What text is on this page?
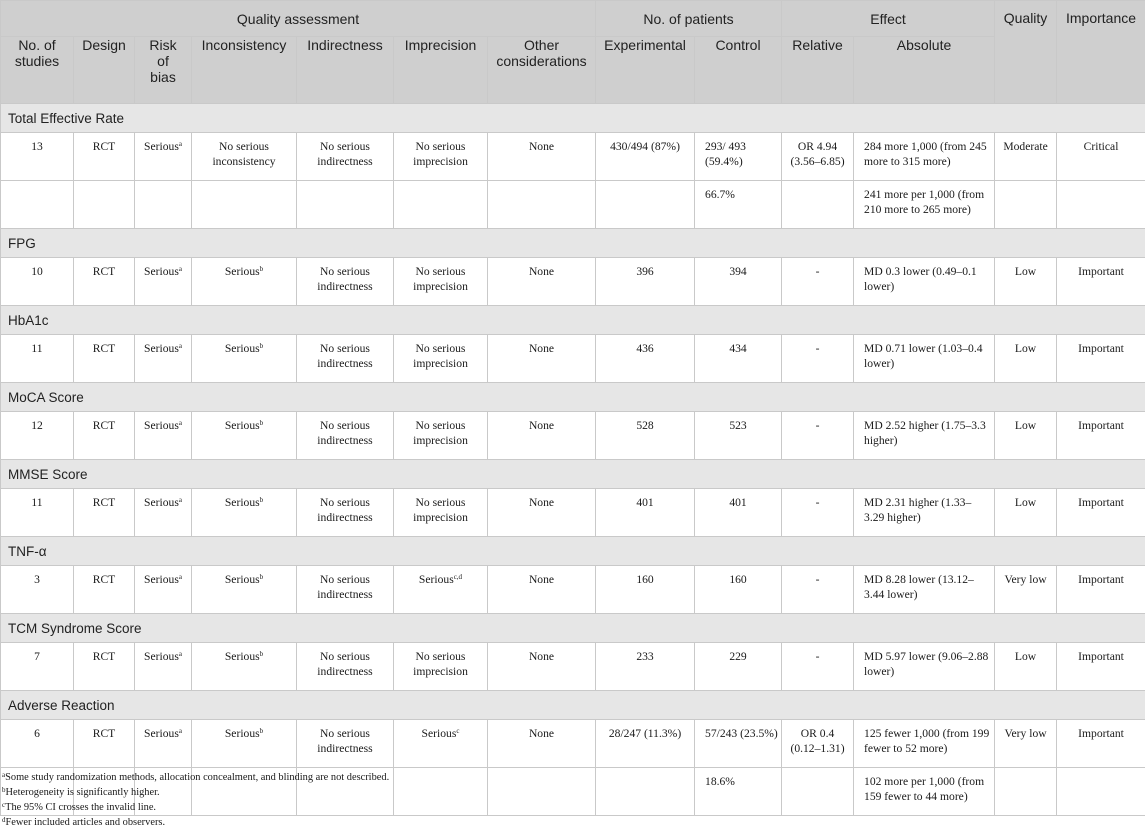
Quality assessment							No. of patients		Effect		Quality	Importance
No. of studies	Design	Risk of bias	Inconsistency	Indirectness	Imprecision	Other considerations	Experimental	Control	Relative	Absolute		
Total Effective Rate												
13	RCT	Serious$^a$	No serious inconsistency	No serious indirectness	No serious imprecision	None	430/494 (87%)	293/ 493 (59.4%)	OR 4.94 (3.56–6.85)	284 more 1,000 (from 245 more to 315 more)	Moderate	Critical
								66.7%		241 more per 1,000 (from 210 more to 265 more)		
FPG												
10	RCT	Serious$^a$	Serious$^b$	No serious indirectness	No serious imprecision	None	396	394	-	MD 0.3 lower (0.49–0.1 lower)	Low	Important
HbA1c												
11	RCT	Serious$^a$	Serious$^b$	No serious indirectness	No serious imprecision	None	436	434	-	MD 0.71 lower (1.03–0.4 lower)	Low	Important
MoCA Score												
12	RCT	Serious$^a$	Serious$^b$	No serious indirectness	No serious imprecision	None	528	523	-	MD 2.52 higher (1.75–3.3 higher)	Low	Important
MMSE Score												
11	RCT	Serious$^a$	Serious$^b$	No serious indirectness	No serious imprecision	None	401	401	-	MD 2.31 higher (1.33–3.29 higher)	Low	Important
TNF-α												
3	RCT	Serious$^a$	Serious$^b$	No serious indirectness	Serious$^{c,d}$	None	160	160	-	MD 8.28 lower (13.12–3.44 lower)	Very low	Important
TCM Syndrome Score												
7	RCT	Serious$^a$	Serious$^b$	No serious indirectness	No serious imprecision	None	233	229	-	MD 5.97 lower (9.06–2.88 lower)	Low	Important
Adverse Reaction												
6	RCT	Serious$^a$	Serious$^b$	No serious indirectness	Serious$^c$	None	28/247 (11.3%)	57/243 (23.5%)	OR 0.4 (0.12–1.31)	125 fewer 1,000 (from 199 fewer to 52 more)	Very low	Important
								18.6%		102 more per 1,000 (from 159 fewer to 44 more)		
$^a$Some study randomization methods, allocation concealment, and blinding are not described.
$^b$Heterogeneity is significantly higher.
$^c$The 95% CI crosses the invalid line.
$^d$Fewer included articles and observers.
